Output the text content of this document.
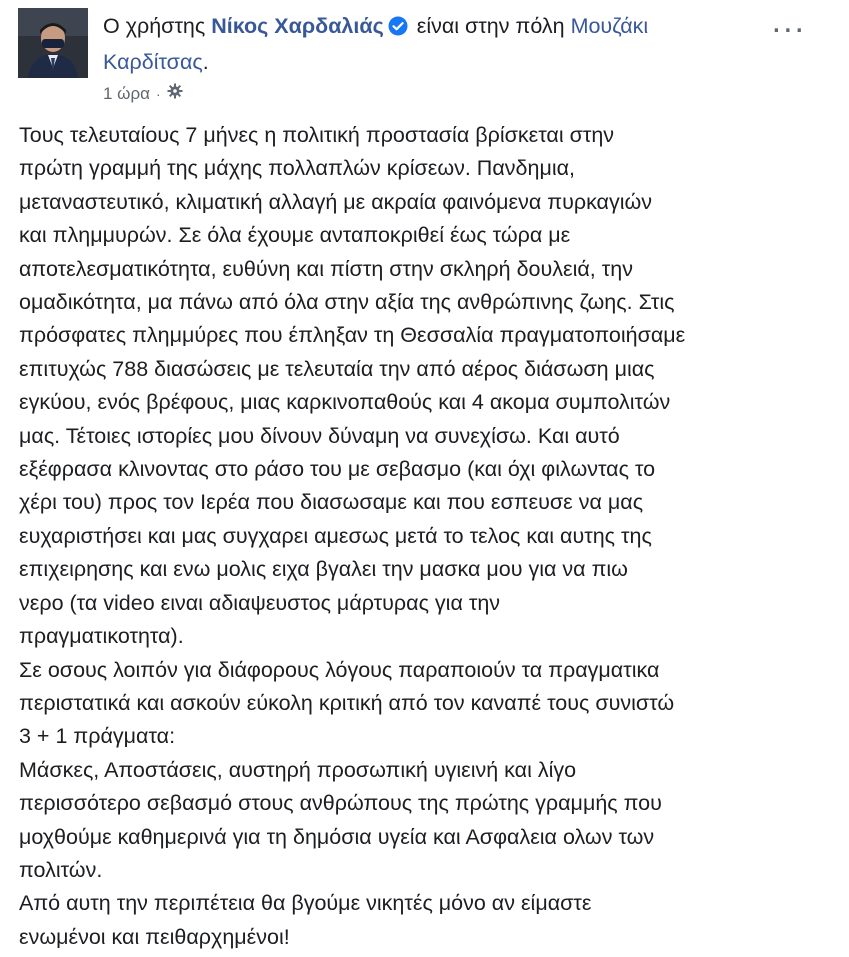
Ο χρήστης Νίκος Χαρδαλιάς είναι στην πόλη Μουζάκι
Καρδίτσας.
...
1 ώρα ·
Τους τελευταίους 7 μήνες η πολιτική προστασία βρίσκεται στην
πρώτη γραμμή της μάχης πολλαπλών κρίσεων. Πανδημια,
μεταναστευτικό, κλιματική αλλαγή με ακραία φαινόμενα πυρκαγιών
και πλημμυρών. Σε όλα έχουμε ανταποκριθεί έως τώρα με
αποτελεσματικότητα, ευθύνη και πίστη στην σκληρή δουλειά, την
ομαδικότητα, μα πάνω από όλα στην αξία της ανθρώπινης ζωης. Στις
πρόσφατες πλημμύρες που έπληξαν τη Θεσσαλία πραγματοποιήσαμε
επιτυχώς 788 διασώσεις με τελευταία την από αέρος διάσωση μιας
εγκύου, ενός βρέφους, μιας καρκινοπαθούς και 4 ακομα συμπολιτών
μας. Τέτοιες ιστορίες μου δίνουν δύναμη να συνεχίσω. Και αυτό
εξέφρασα κλινοντας στο ράσο του με σεβασμο (και όχι φιλωντας το
χέρι του) προς τον Ιερέα που διασωσαμε και που εσπευσε να μας
ευχαριστήσει και μας συγχαρει αμεσως μετά το τελος και αυτης της
επιχειρησης και ενω μολις ειχα βγαλει την μασκα μου για να πιω
νερο (τα video ειναι αδιαψευστος μάρτυρας για την
πραγματικοτητα).
Σε οσους λοιπόν για διάφορους λόγους παραποιούν τα πραγματικα
περιστατικά και ασκούν εύκολη κριτική από τον καναπέ τους συνιστώ
3 + 1 πράγματα:
Μάσκες, Αποστάσεις, αυστηρή προσωπική υγιεινή και λίγο
περισσότερο σεβασμό στους ανθρώπους της πρώτης γραμμής που
μοχθούμε καθημερινά για τη δημόσια υγεία και Ασφαλεια ολων των
πολιτών.
Από αυτη την περιπέτεια θα βγούμε νικητές μόνο αν είμαστε
ενωμένοι και πειθαρχημένοι!
